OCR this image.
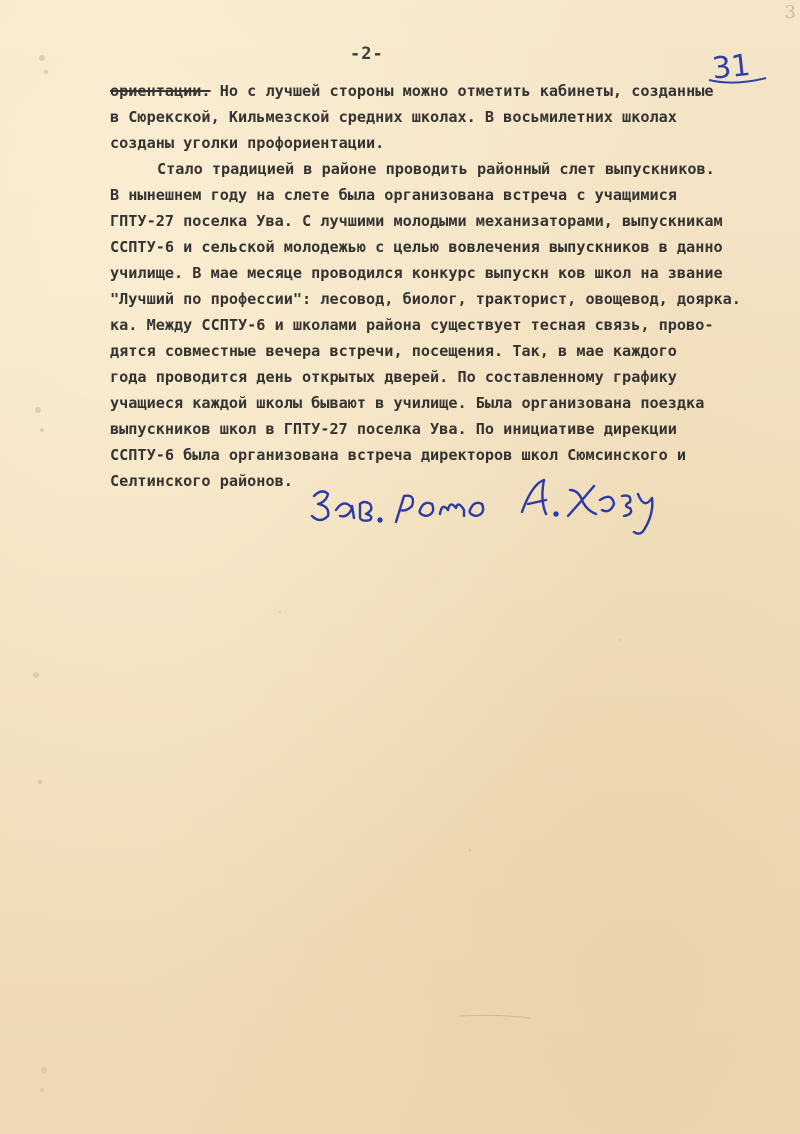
3
-2-	31
ориентации. Но с лучшей стороны можно отметить кабинеты, созданные
в Сюрекской, Кильмезской средних школах. В восьмилетних школах
созданы уголки профориентации.
Стало традицией в районе проводить районный слет выпускников.
В нынешнем году на слете была организована встреча с учащимися
ГПТУ-27 поселка Ува. С лучшими молодыми механизаторами, выпускникам
ССПТУ-6 и сельской молодежью с целью вовлечения выпускников в данно
училище. В мае месяце проводился конкурс выпускн ков школ на звание
"Лучший по профессии": лесовод, биолог, тракторист, овощевод, доярка.
ка. Между ССПТУ-6 и школами района существует тесная связь, прово-
дятся совместные вечера встречи, посещения. Так, в мае каждого
года проводится день открытых дверей. По составленному графику
учащиеся каждой школы бывают в училище. Была организована поездка
выпускников школ в ГПТУ-27 поселка Ува. По инициативе дирекции
ССПТУ-6 была организована встреча директоров школ Сюмсинского и
Селтинского районов.
